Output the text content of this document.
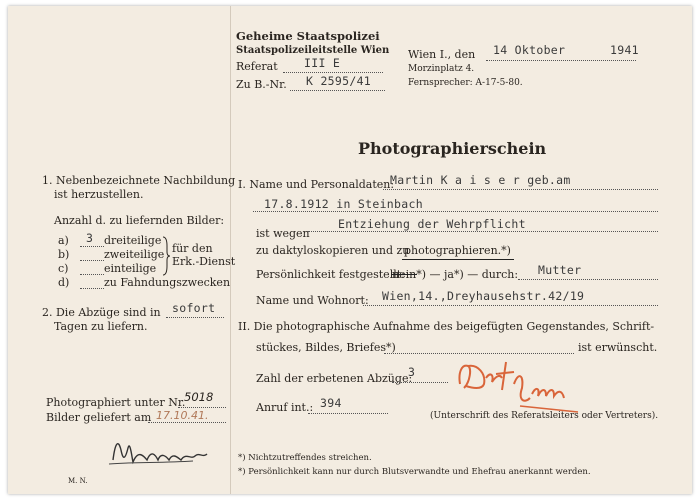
Geheime Staatspolizei
Staatspolizeileitstelle Wien
Referat III E
Zu B.-Nr. K 2595/41
Wien I., den 14 Oktober	1941
Morzinplatz 4.
Fernsprecher: A-17-5-80.
Photographierschein
1. Nebenbezeichnete Nachbildung
ist herzustellen.
Anzahl d. zu liefernden Bilder:
a) 3 dreiteilige
b)	zweiteilige
c)	einteilige
d)	zu Fahndungszwecken
für den
Erk.-Dienst
2. Die Abzüge sind in sofort
Tagen zu liefern.
Photographiert unter Nr.
5018
Bilder geliefert am 17.10.41.
M. N.
I. Name und Personaldaten:
Martin K a i s e r geb.am
17.8.1912 in Steinbach
ist wegen
Entziehung der Wehrpflicht
zu daktyloskopieren und zu
photographieren.*)
Persönlichkeit festgestellt:
nein*) — ja*) — durch: Mutter
Name und Wohnort: Wien,14.,Dreyhausehstr.42/19
II. Die photographische Aufnahme des beigefügten Gegenstandes, Schrift-
stückes, Bildes, Briefes*)	ist erwünscht.
Zahl der erbetenen Abzüge:
3
Anruf int.: 394
(Unterschrift des Referatsleiters oder Vertreters).
*) Nichtzutreffendes streichen.
*) Persönlichkeit kann nur durch Blutsverwandte und Ehefrau anerkannt werden.
